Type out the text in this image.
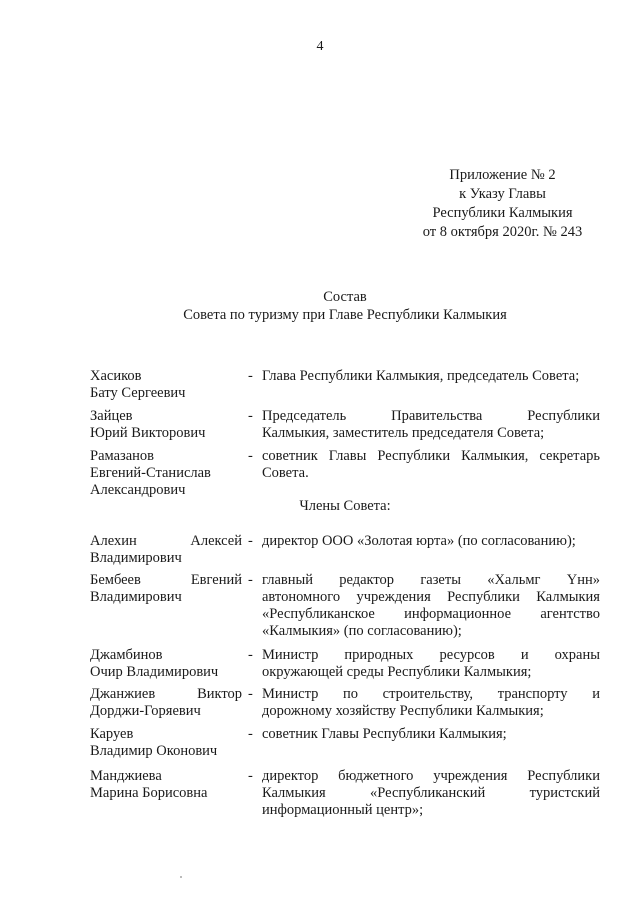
4
Приложение № 2
к Указу Главы
Республики Калмыкия
от 8 октября 2020г. № 243
Состав
Совета по туризму при Главе Республики Калмыкия
Хасиков
Бату Сергеевич
- Глава Республики Калмыкия, председатель Совета;
Зайцев
Юрий Викторович
- Председатель	Правительства	Республики
Калмыкия, заместитель председателя Совета;
Рамазанов
Евгений-Станислав
Александрович
- советник Главы Республики Калмыкия, секретарь
Совета.
Члены Совета:
Алехин	Алексей
Владимирович
- директор ООО «Золотая юрта» (по согласованию);
Бембеев	Евгений
Владимирович
- главный редактор газеты «Хальмг Үнн»
автономного учреждения Республики Калмыкия
«Республиканское информационное агентство
«Калмыкия» (по согласованию);
Джамбинов
Очир Владимирович
- Министр природных ресурсов и охраны
окружающей среды Республики Калмыкия;
Джанжиев	Виктор
Дорджи-Горяевич
- Министр по строительству, транспорту и
дорожному хозяйству Республики Калмыкия;
Каруев
Владимир Оконович
- советник Главы Республики Калмыкия;
Манджиева
Марина Борисовна
- директор бюджетного учреждения Республики
Калмыкия	«Республиканский	туристский
информационный центр»;
